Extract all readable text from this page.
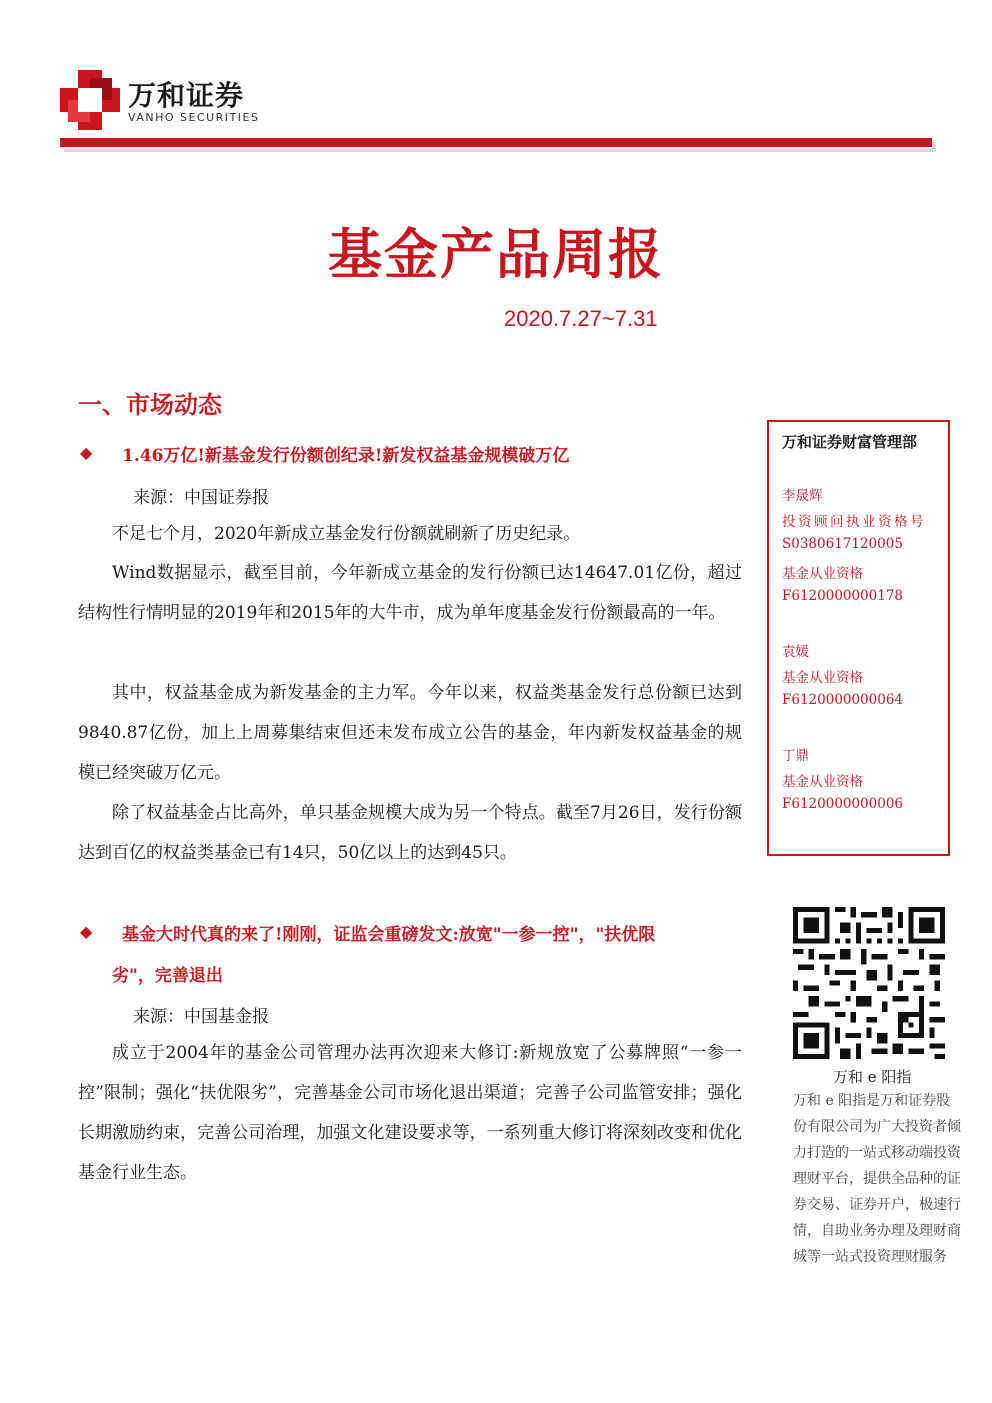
万和证券
VANHO SECURITIES
基金产品周报
2020.7.27~7.31
一、市场动态
◆ 1.46万亿!新基金发行份额创纪录!新发权益基金规模破万亿
来源：中国证券报
不足七个月，2020年新成立基金发行份额就刷新了历史纪录。
Wind数据显示，截至目前，今年新成立基金的发行份额已达14647.01亿份，超过结构性行情明显的2019年和2015年的大牛市，成为单年度基金发行份额最高的一年。
其中，权益基金成为新发基金的主力军。今年以来，权益类基金发行总份额已达到9840.87亿份，加上上周募集结束但还未发布成立公告的基金，年内新发权益基金的规模已经突破万亿元。
除了权益基金占比高外，单只基金规模大成为另一个特点。截至7月26日，发行份额达到百亿的权益类基金已有14只，50亿以上的达到45只。
◆ 基金大时代真的来了!刚刚，证监会重磅发文:放宽"一参一控"，"扶优限
劣"，完善退出
来源：中国基金报
成立于2004年的基金公司管理办法再次迎来大修订:新规放宽了公募牌照“一参一控”限制；强化“扶优限劣”，完善基金公司市场化退出渠道；完善子公司监管安排；强化长期激励约束，完善公司治理，加强文化建设要求等，一系列重大修订将深刻改变和优化基金行业生态。
万和证券财富管理部
李晟辉
投资顾问执业资格号
S0380617120005
基金从业资格
F6120000000178
袁媛
基金从业资格
F6120000000064
丁鼎
基金从业资格
F6120000000006
万和 e 阳指
万和 e 阳指是万和证券股份有限公司为广大投资者倾力打造的一站式移动端投资理财平台，提供全品种的证券交易、证券开户，极速行情，自助业务办理及理财商城等一站式投资理财服务
